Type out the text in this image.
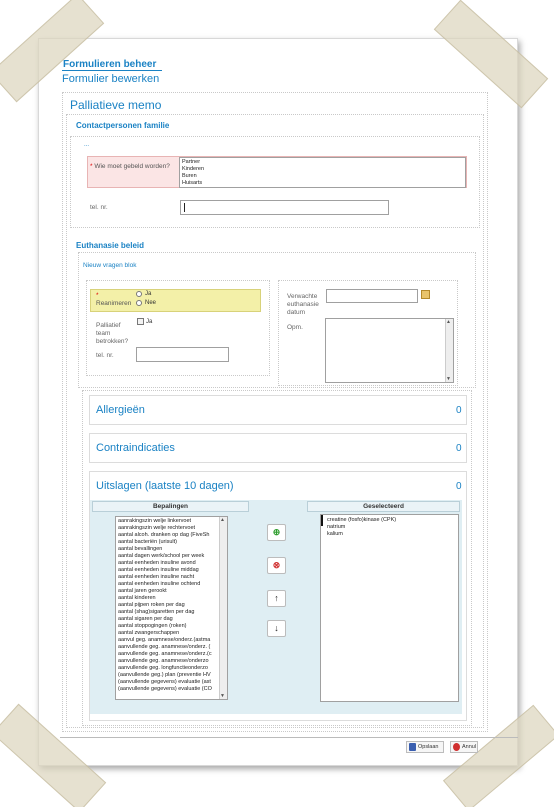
Formulieren beheer
Formulier bewerken
Palliatieve memo
Contactpersonen familie
...
* Wie moet gebeld worden?
Partner
Kinderen
Buren
Huisarts
tel. nr.
Euthanasie beleid
Nieuw vragen blok
*
Reanimeren
Ja
Nee
Palliatief team betrokken?
Ja
tel. nr.
Verwachte euthanasie datum
Opm.
▲
▼
Allergieën	0
Contraindicaties	0
Uitslagen (laatste 10 dagen)	0
Bepalingen	Geselecteerd
aanrakingszin welje linkervoet
aanrakingszin welje rechtervoet
aantal alcoh. dranken op dag (FiveSh
aantal bacteriën (urisult)
aantal bevallingen
aantal dagen werk/school per week
aantal eenheden insuline avond
aantal eenheden insuline middag
aantal eenheden insuline nacht
aantal eenheden insuline ochtend
aantal jaren gerookt
aantal kinderen
aantal pijpen roken per dag
aantal (shag)sigaretten per dag
aantal sigaren per dag
aantal stoppogingen (roken)
aantal zwangerschappen
aanvul geg. anamnese/onderz.(astma
aanvullende geg. anamnese/onderz. (
aanvullende geg. anamnese/onderz.(c
aanvullende geg. anamnese/onderzo
aanvullende geg. longfunctieonderzo
(aanvullende geg.) plan (preventie HV
(aanvullende gegevens) evaluatie (ast
(aanvullende gegevens) evaluatie (CO
▲
▼
⊕
⊗
↑
↓
creatine (fosfo)kinase (CPK)
natrium
kalium
Opslaan	Annul
